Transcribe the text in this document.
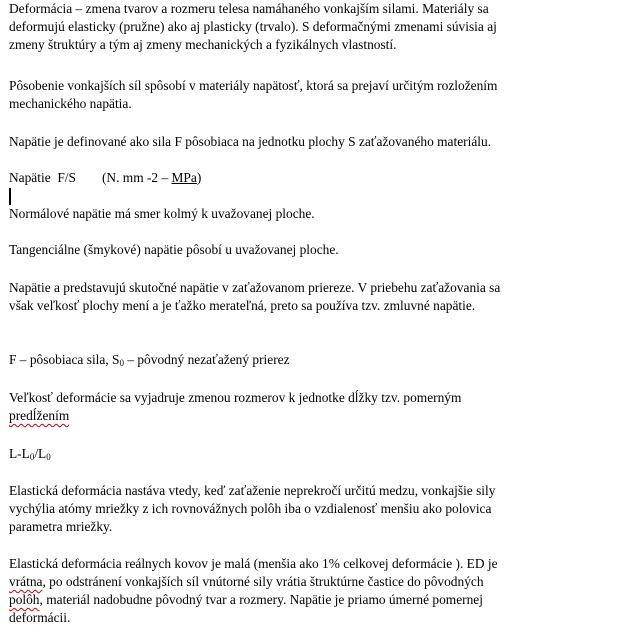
Deformácia – zmena tvarov a rozmeru telesa namáhaného vonkajším silami. Materiály sa
deformujú elasticky (pružne) ako aj plasticky (trvalo). S deformačnými zmenami súvisia aj
zmeny štruktúry a tým aj zmeny mechanických a fyzikálnych vlastností.
Pôsobenie vonkajších síl spôsobí v materiály napätosť, ktorá sa prejaví určitým rozložením
mechanického napätia.
Napätie je definované ako sila F pôsobiaca na jednotku plochy S zaťažovaného materiálu.
Napätie  F/S (N. mm -2 – MPa)
Normálové napätie má smer kolmý k uvažovanej ploche.
Tangenciálne (šmykové) napätie pôsobí u uvažovanej ploche.
Napätie a predstavujú skutočné napätie v zaťažovanom priereze. V priebehu zaťažovania sa
však veľkosť plochy mení a je ťažko merateľná, preto sa používa tzv. zmluvné napätie.
F – pôsobiaca sila, $S_0$ – pôvodný nezaťažený prierez
Veľkosť deformácie sa vyjadruje zmenou rozmerov k jednotke dĺžky tzv. pomerným
predĺžením
$L-L_0/L_0$
Elastická deformácia nastáva vtedy, keď zaťaženie neprekročí určitú medzu, vonkajšie sily
vychýlia atómy mriežky z ich rovnovážnych polôh iba o vzdialenosť menšiu ako polovica
parametra mriežky.
Elastická deformácia reálnych kovov je malá (menšia ako 1% celkovej deformácie ). ED je
vrátna, po odstránení vonkajších síl vnútorné sily vrátia štruktúrne častice do pôvodných
polôh, materiál nadobudne pôvodný tvar a rozmery. Napätie je priamo úmerné pomernej
deformácii.
